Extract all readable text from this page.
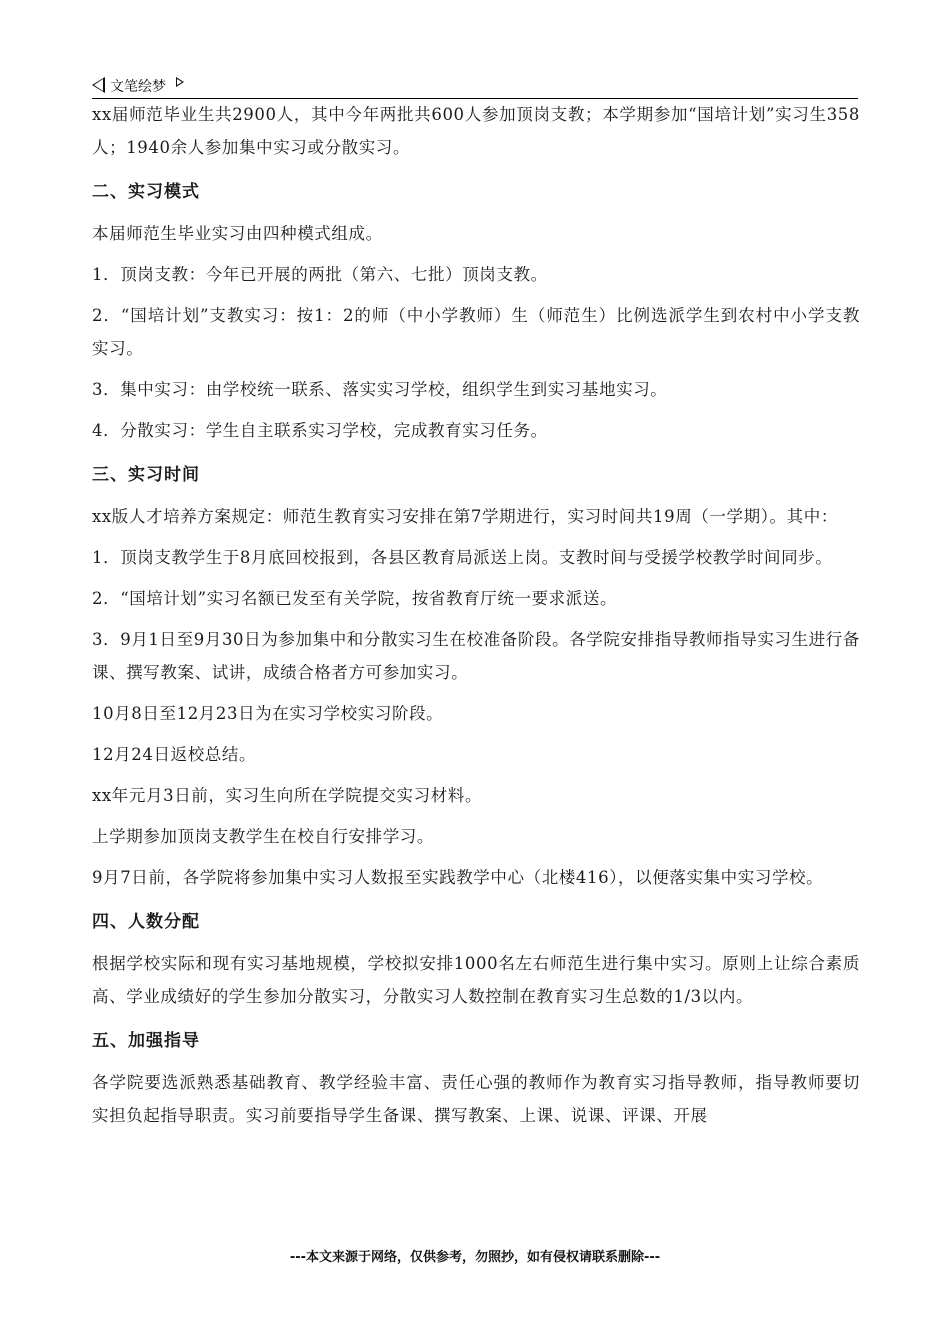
文笔绘梦

xx届师范毕业生共2900人，其中今年两批共600人参加顶岗支教；本学期参加“国培计划”实习生358人；1940余人参加集中实习或分散实习。

二、实习模式

本届师范生毕业实习由四种模式组成。

1．顶岗支教：今年已开展的两批（第六、七批）顶岗支教。

2．“国培计划”支教实习：按1：2的师（中小学教师）生（师范生）比例选派学生到农村中小学支教实习。

3．集中实习：由学校统一联系、落实实习学校，组织学生到实习基地实习。

4．分散实习：学生自主联系实习学校，完成教育实习任务。

三、实习时间

xx版人才培养方案规定：师范生教育实习安排在第7学期进行，实习时间共19周（一学期）。其中：

1．顶岗支教学生于8月底回校报到，各县区教育局派送上岗。支教时间与受援学校教学时间同步。

2．“国培计划”实习名额已发至有关学院，按省教育厅统一要求派送。

3．9月1日至9月30日为参加集中和分散实习生在校准备阶段。各学院安排指导教师指导实习生进行备课、撰写教案、试讲，成绩合格者方可参加实习。

10月8日至12月23日为在实习学校实习阶段。

12月24日返校总结。

xx年元月3日前，实习生向所在学院提交实习材料。

上学期参加顶岗支教学生在校自行安排学习。

9月7日前，各学院将参加集中实习人数报至实践教学中心（北楼416），以便落实集中实习学校。

四、人数分配

根据学校实际和现有实习基地规模，学校拟安排1000名左右师范生进行集中实习。原则上让综合素质高、学业成绩好的学生参加分散实习，分散实习人数控制在教育实习生总数的1/3以内。

五、加强指导

各学院要选派熟悉基础教育、教学经验丰富、责任心强的教师作为教育实习指导教师，指导教师要切实担负起指导职责。实习前要指导学生备课、撰写教案、上课、说课、评课、开展

---本文来源于网络，仅供参考，勿照抄，如有侵权请联系删除---
